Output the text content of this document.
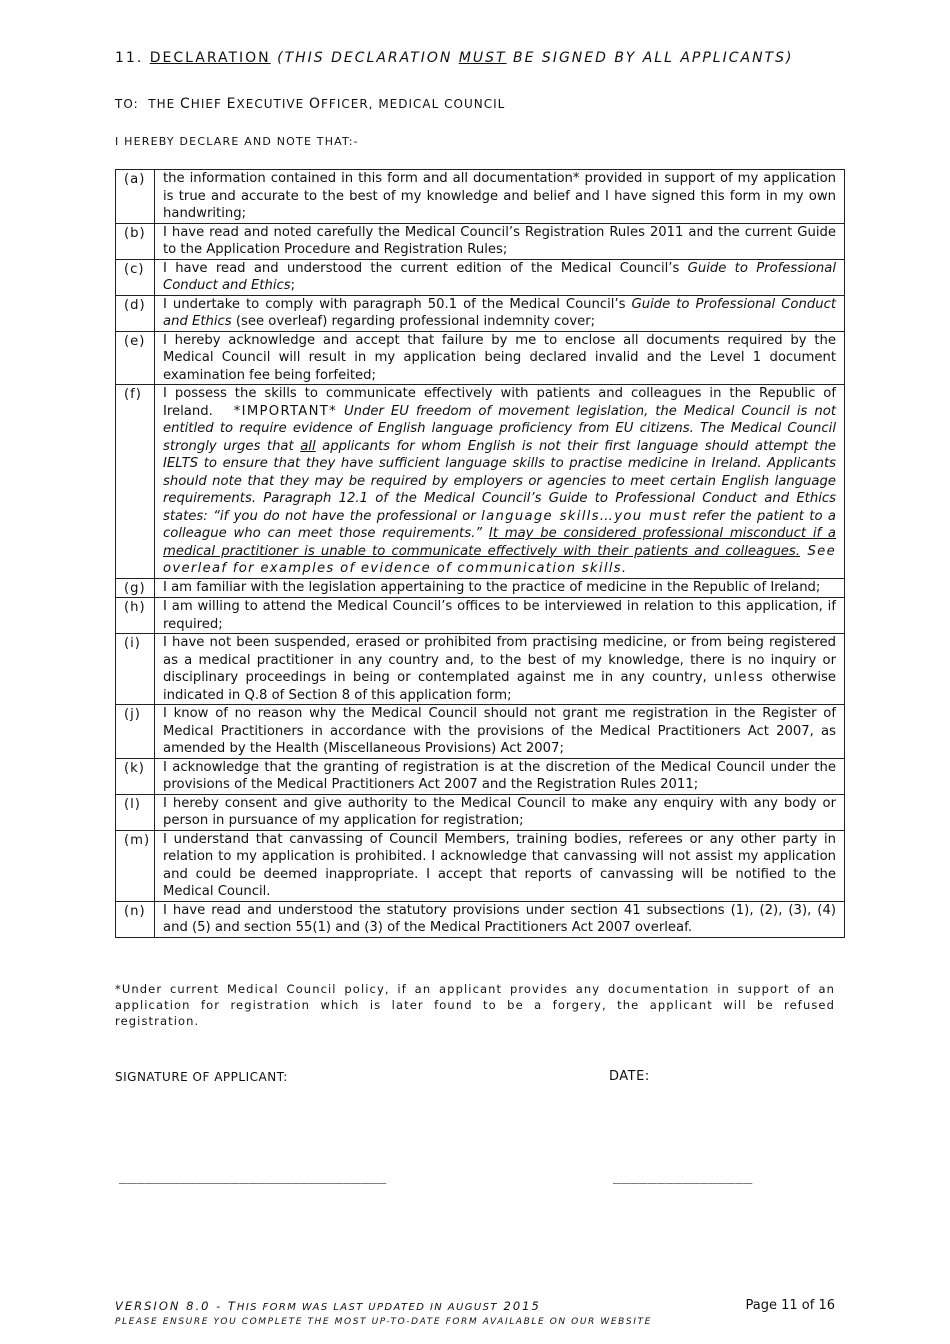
11. DECLARATION (THIS DECLARATION MUST BE SIGNED BY ALL APPLICANTS)
TO: THE CHIEF EXECUTIVE OFFICER, MEDICAL COUNCIL
I HEREBY DECLARE AND NOTE THAT:-
(a)	the information contained in this form and all documentation* provided in support of my application is true and accurate to the best of my knowledge and belief and I have signed this form in my own handwriting;
(b)	I have read and noted carefully the Medical Council’s Registration Rules 2011 and the current Guide to the Application Procedure and Registration Rules;
(c)	I have read and understood the current edition of the Medical Council’s Guide to Professional Conduct and Ethics;
(d)	I undertake to comply with paragraph 50.1 of the Medical Council’s Guide to Professional Conduct and Ethics (see overleaf) regarding professional indemnity cover;
(e)	I hereby acknowledge and accept that failure by me to enclose all documents required by the Medical Council will result in my application being declared invalid and the Level 1 document examination fee being forfeited;
(f)	I possess the skills to communicate effectively with patients and colleagues in the Republic of Ireland. *IMPORTANT* Under EU freedom of movement legislation, the Medical Council is not entitled to require evidence of English language proficiency from EU citizens. The Medical Council strongly urges that all applicants for whom English is not their first language should attempt the IELTS to ensure that they have sufficient language skills to practise medicine in Ireland. Applicants should note that they may be required by employers or agencies to meet certain English language requirements. Paragraph 12.1 of the Medical Council’s Guide to Professional Conduct and Ethics states: “if you do not have the professional or language skills…you must refer the patient to a colleague who can meet those requirements.” It may be considered professional misconduct if a medical practitioner is unable to communicate effectively with their patients and colleagues. See overleaf for examples of evidence of communication skills.
(g)	I am familiar with the legislation appertaining to the practice of medicine in the Republic of Ireland;
(h)	I am willing to attend the Medical Council’s offices to be interviewed in relation to this application, if required;
(i)	I have not been suspended, erased or prohibited from practising medicine, or from being registered as a medical practitioner in any country and, to the best of my knowledge, there is no inquiry or disciplinary proceedings in being or contemplated against me in any country, unless otherwise indicated in Q.8 of Section 8 of this application form;
(j)	I know of no reason why the Medical Council should not grant me registration in the Register of Medical Practitioners in accordance with the provisions of the Medical Practitioners Act 2007, as amended by the Health (Miscellaneous Provisions) Act 2007;
(k)	I acknowledge that the granting of registration is at the discretion of the Medical Council under the provisions of the Medical Practitioners Act 2007 and the Registration Rules 2011;
(l)	I hereby consent and give authority to the Medical Council to make any enquiry with any body or person in pursuance of my application for registration;
(m)	I understand that canvassing of Council Members, training bodies, referees or any other party in relation to my application is prohibited. I acknowledge that canvassing will not assist my application and could be deemed inappropriate. I accept that reports of canvassing will be notified to the Medical Council.
(n)	I have read and understood the statutory provisions under section 41 subsections (1), (2), (3), (4) and (5) and section 55(1) and (3) of the Medical Practitioners Act 2007 overleaf.
*Under current Medical Council policy, if an applicant provides any documentation in support of an application for registration which is later found to be a forgery, the applicant will be refused registration.
SIGNATURE OF APPLICANT:	DATE:
_______________________________	________________
VERSION 8.0 - THIS FORM WAS LAST UPDATED IN AUGUST 2015
PLEASE ENSURE YOU COMPLETE THE MOST UP-TO-DATE FORM AVAILABLE ON OUR WEBSITE
Page 11 of 16
